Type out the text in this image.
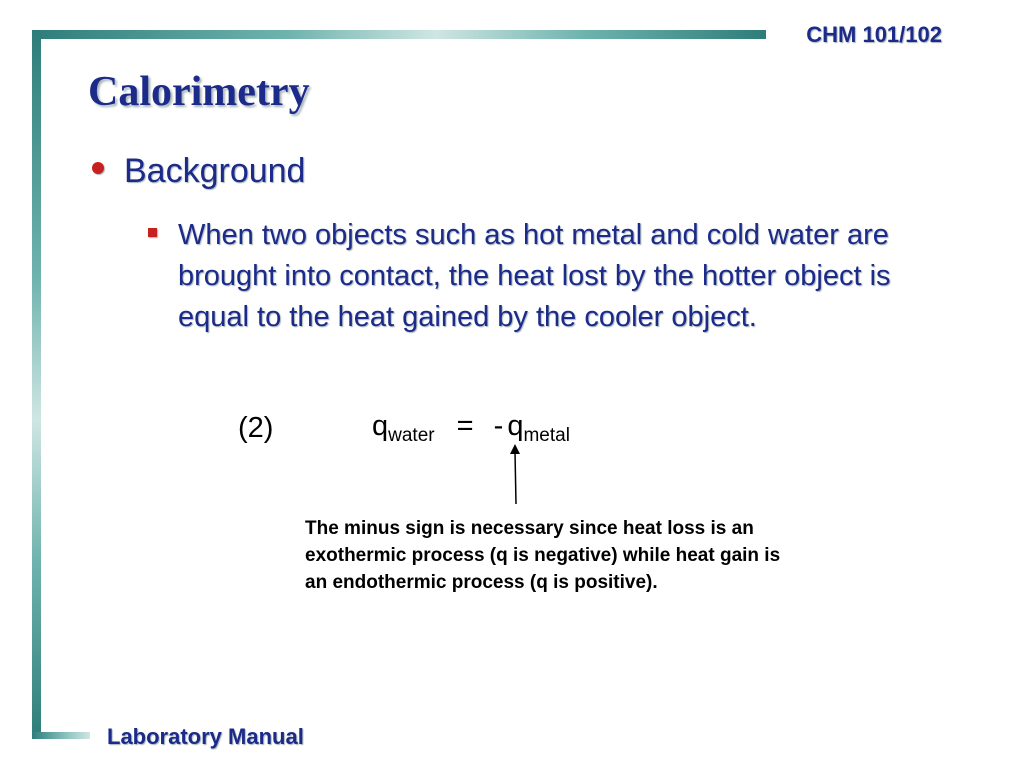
CHM 101/102
Calorimetry
Background
When two objects such as hot metal and cold water are brought into contact, the heat lost by the hotter object is equal to the heat gained by the cooler object.
(2)	$q_{water}$ = - $q_{metal}$
The minus sign is necessary since heat loss is an exothermic process (q is negative) while heat gain is an endothermic process (q is positive).
Laboratory Manual
